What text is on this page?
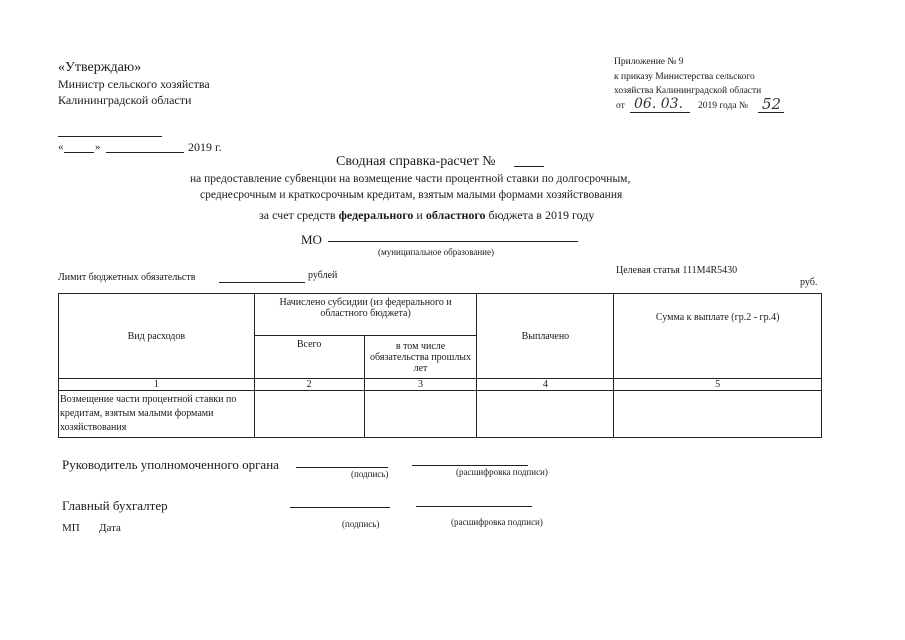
«Утверждаю»
Министр сельского хозяйства
Калининградской области
«	»	2019 г.
Приложение № 9
к приказу Министерства сельского
хозяйства Калининградской области
от 06. 03. 2019 года № 52
Сводная справка-расчет №
на предоставление субвенции на возмещение части процентной ставки по долгосрочным,
среднесрочным и краткосрочным кредитам, взятым малыми формами хозяйствования
за счет средств федерального и областного бюджета в 2019 году
МО
(муниципальное образование)
Лимит бюджетных обязательств	рублей	Целевая статья 111M4R5430
руб.
Вид расходов	Начислено субсидии (из федерального и областного бюджета)		Выплачено	Сумма к выплате (гр.2 - гр.4)
	Всего	в том числе обязательства прошлых лет		
1	2	3	4	5
Возмещение части процентной ставки по кредитам, взятым малыми формами хозяйствования				
Руководитель уполномоченного органа
(подпись)	(расшифровка подписи)
Главный бухгалтер
МП Дата	(подпись)	(расшифровка подписи)
